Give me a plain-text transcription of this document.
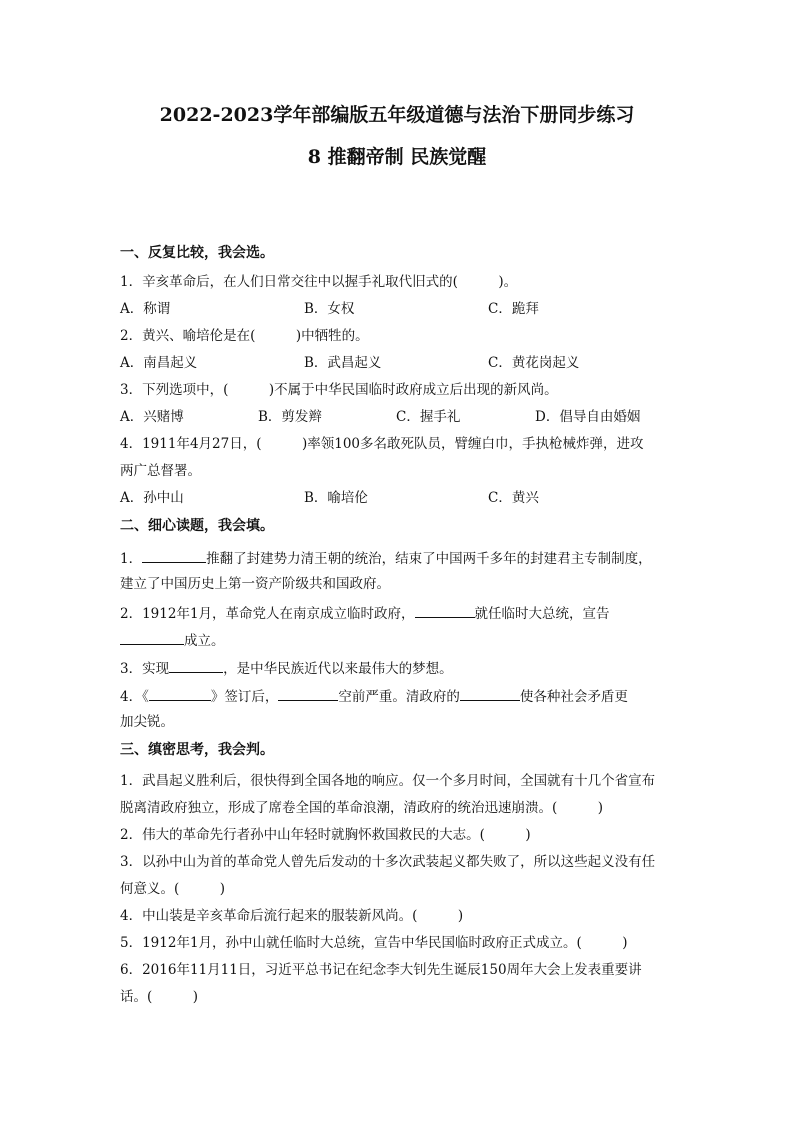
2022-2023学年部编版五年级道德与法治下册同步练习
8 推翻帝制 民族觉醒
一、反复比较，我会选。
1．辛亥革命后，在人们日常交往中以握手礼取代旧式的(　　　)。
A．称谓	B．女权	C．跪拜
2．黄兴、喻培伦是在(　　　)中牺牲的。
A．南昌起义	B．武昌起义	C．黄花岗起义
3．下列选项中，(　　　)不属于中华民国临时政府成立后出现的新风尚。
A．兴赌博	B．剪发辫	C．握手礼	D．倡导自由婚姻
4．1911年4月27日，(　　　)率领100多名敢死队员，臂缠白巾，手执枪械炸弹，进攻
两广总督署。
A．孙中山	B．喻培伦	C．黄兴
二、细心读题，我会填。
1．	推翻了封建势力清王朝的统治，结束了中国两千多年的封建君主专制制度，
建立了中国历史上第一资产阶级共和国政府。
2．1912年1月，革命党人在南京成立临时政府，	就任临时大总统，宣告
成立。
3．实现	，是中华民族近代以来最伟大的梦想。
4．《	》签订后，	空前严重。清政府的	使各种社会矛盾更
加尖锐。
三、缜密思考，我会判。
1．武昌起义胜利后，很快得到全国各地的响应。仅一个多月时间，全国就有十几个省宣布
脱离清政府独立，形成了席卷全国的革命浪潮，清政府的统治迅速崩溃。(　　　)
2．伟大的革命先行者孙中山年轻时就胸怀救国救民的大志。(　　　)
3．以孙中山为首的革命党人曾先后发动的十多次武装起义都失败了，所以这些起义没有任
何意义。(　　　)
4．中山装是辛亥革命后流行起来的服装新风尚。(　　　)
5．1912年1月，孙中山就任临时大总统，宣告中华民国临时政府正式成立。(　　　)
6．2016年11月11日，习近平总书记在纪念李大钊先生诞辰150周年大会上发表重要讲
话。(　　　)
